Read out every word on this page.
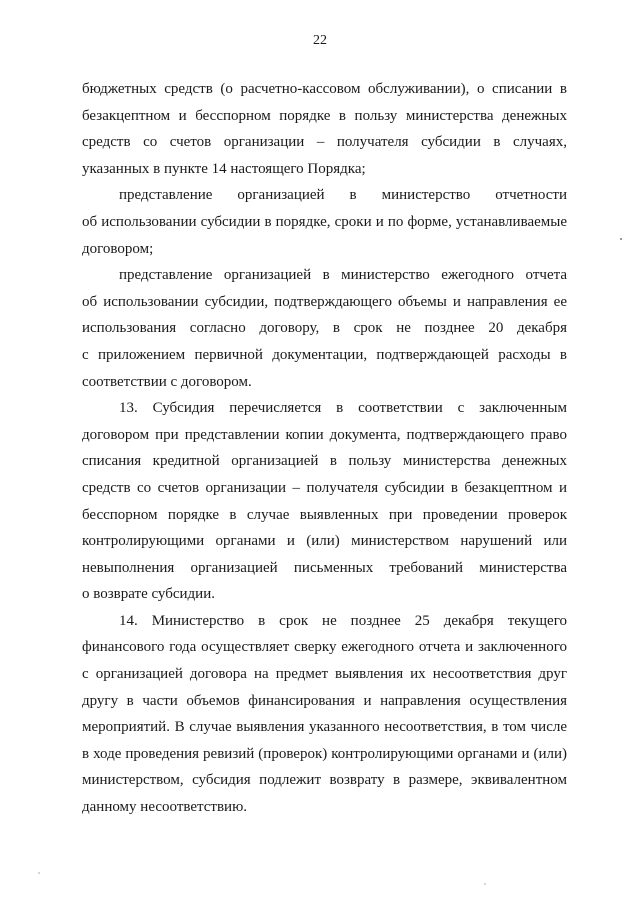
22
бюджетных средств (о расчетно-кассовом обслуживании), о списании в
безакцептном и бесспорном порядке в пользу министерства денежных
средств со счетов организации – получателя субсидии в случаях,
указанных в пункте 14 настоящего Порядка;
представление организацией в министерство отчетности
об использовании субсидии в порядке, сроки и по форме, устанавливаемые
договором;
представление организацией в министерство ежегодного отчета
об использовании субсидии, подтверждающего объемы и направления ее
использования согласно договору, в срок не позднее 20 декабря
с приложением первичной документации, подтверждающей расходы в
соответствии с договором.
13. Субсидия перечисляется в соответствии с заключенным
договором при представлении копии документа, подтверждающего право
списания кредитной организацией в пользу министерства денежных
средств со счетов организации – получателя субсидии в безакцептном и
бесспорном порядке в случае выявленных при проведении проверок
контролирующими органами и (или) министерством нарушений или
невыполнения организацией письменных требований министерства
о возврате субсидии.
14. Министерство в срок не позднее 25 декабря текущего
финансового года осуществляет сверку ежегодного отчета и заключенного
с организацией договора на предмет выявления их несоответствия друг
другу в части объемов финансирования и направления осуществления
мероприятий. В случае выявления указанного несоответствия, в том числе
в ходе проведения ревизий (проверок) контролирующими органами и (или)
министерством, субсидия подлежит возврату в размере, эквивалентном
данному несоответствию.
